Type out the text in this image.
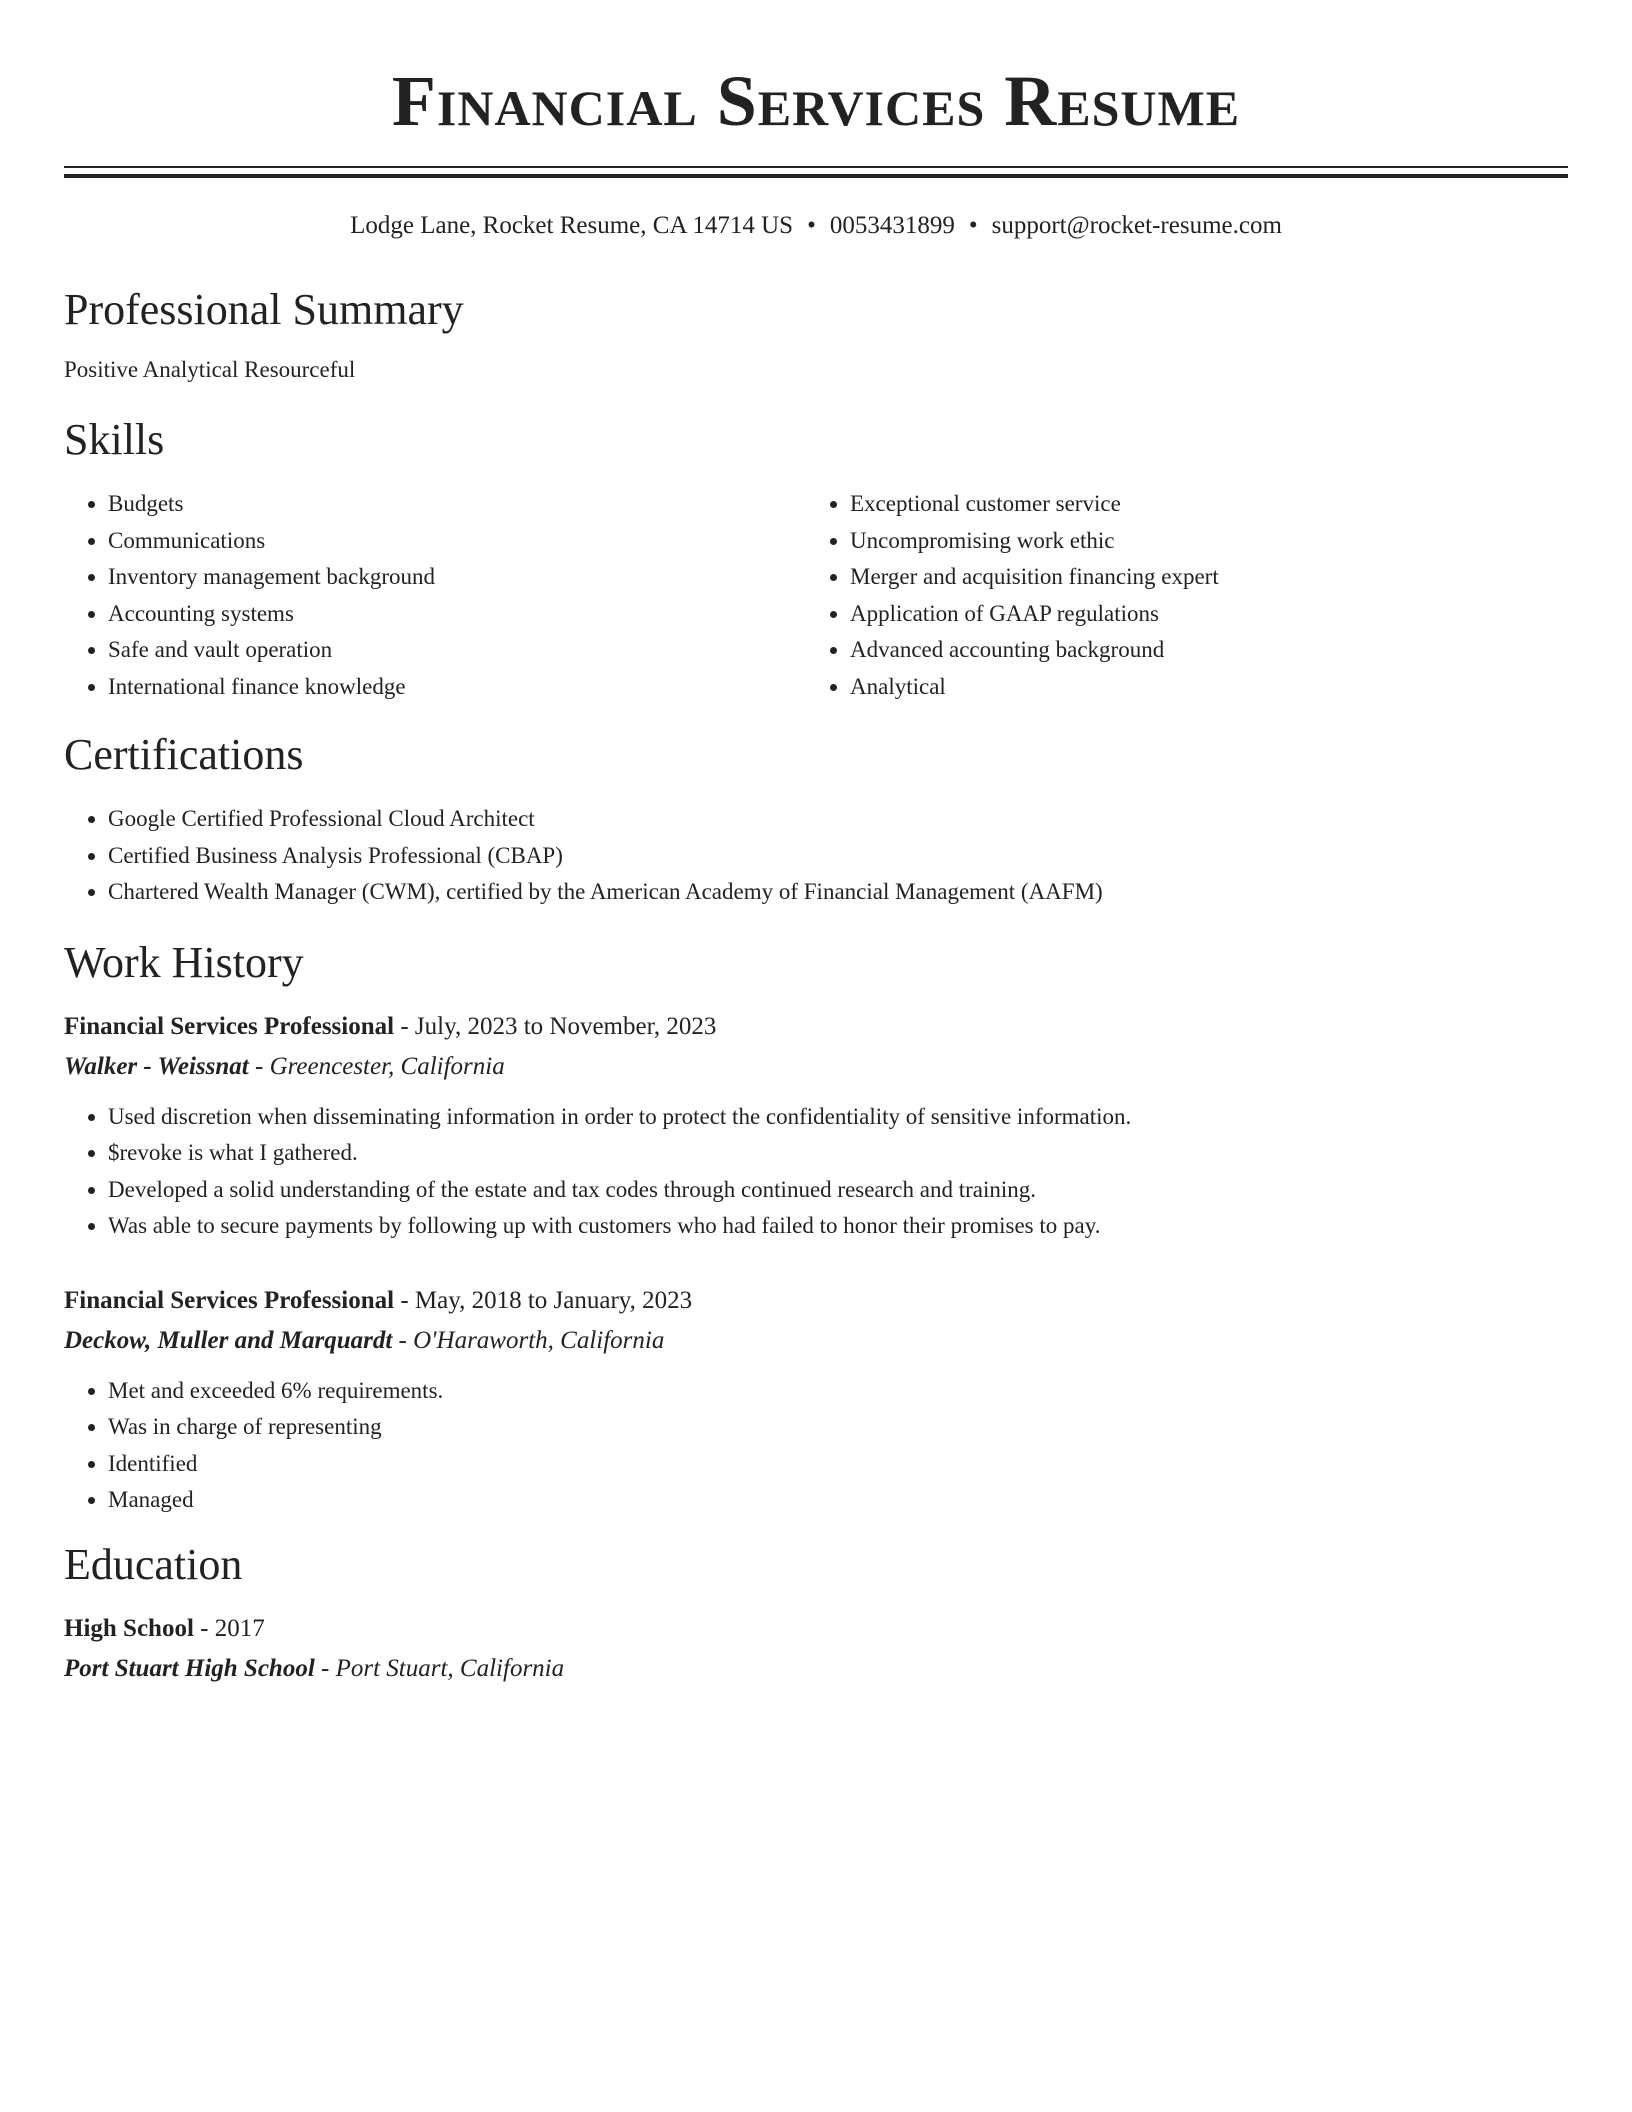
Financial Services Resume
Lodge Lane, Rocket Resume, CA 14714 US • 0053431899 • support@rocket-resume.com
Professional Summary
Positive Analytical Resourceful
Skills
• Budgets
• Communications
• Inventory management background
• Accounting systems
• Safe and vault operation
• International finance knowledge
• Exceptional customer service
• Uncompromising work ethic
• Merger and acquisition financing expert
• Application of GAAP regulations
• Advanced accounting background
• Analytical
Certifications
• Google Certified Professional Cloud Architect
• Certified Business Analysis Professional (CBAP)
• Chartered Wealth Manager (CWM), certified by the American Academy of Financial Management (AAFM)
Work History
Financial Services Professional - July, 2023 to November, 2023
Walker - Weissnat - Greencester, California
• Used discretion when disseminating information in order to protect the confidentiality of sensitive information.
• $revoke is what I gathered.
• Developed a solid understanding of the estate and tax codes through continued research and training.
• Was able to secure payments by following up with customers who had failed to honor their promises to pay.
Financial Services Professional - May, 2018 to January, 2023
Deckow, Muller and Marquardt - O'Haraworth, California
• Met and exceeded 6% requirements.
• Was in charge of representing
• Identified
• Managed
Education
High School - 2017
Port Stuart High School - Port Stuart, California
